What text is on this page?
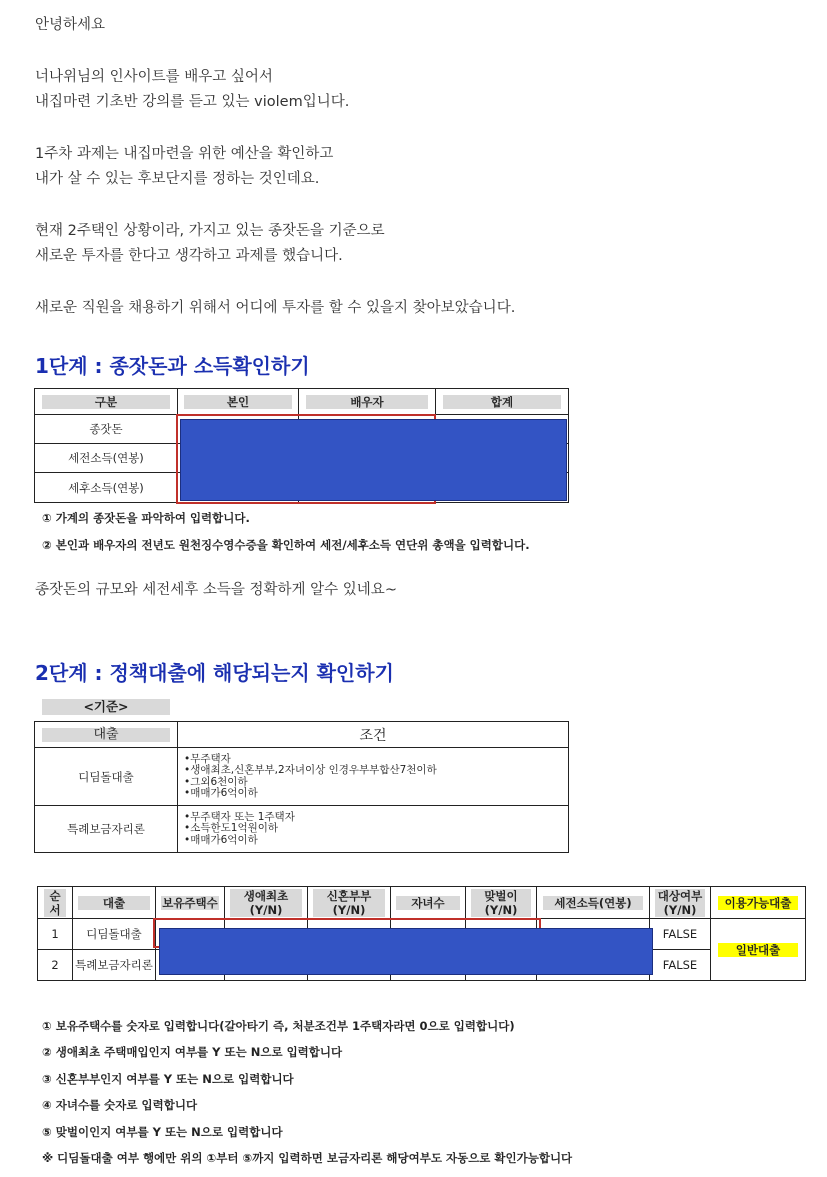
안녕하세요
너나위님의 인사이트를 배우고 싶어서
내집마련 기초반 강의를 듣고 있는 violem입니다.
1주차 과제는 내집마련을 위한 예산을 확인하고
내가 살 수 있는 후보단지를 정하는 것인데요.
현재 2주택인 상황이라, 가지고 있는 종잣돈을 기준으로
새로운 투자를 한다고 생각하고 과제를 했습니다.
새로운 직원을 채용하기 위해서 어디에 투자를 할 수 있을지 찾아보았습니다.
1단계 : 종잣돈과 소득확인하기
구분	본인	배우자	합계
종잣돈			
세전소득(연봉)			
세후소득(연봉)			
① 가계의 종잣돈을 파악하여 입력합니다.
② 본인과 배우자의 전년도 원천징수영수증을 확인하여 세전/세후소득 연단위 총액을 입력합니다.
종잣돈의 규모와 세전세후 소득을 정확하게 알수 있네요~
2단계 : 정책대출에 해당되는지 확인하기
<기준>
대출	조건
디딤돌대출	•무주택자
•생애최초,신혼부부,2자녀이상 인경우부부합산7천이하
•그외6천이하
•매매가6억이하

특례보금자리론	•무주택자 또는 1주택자
•소득한도1억원이하
•매매가6억이하
순서	대출	보유주택수	생애최초(Y/N)	신혼부부(Y/N)	자녀수	맞벌이(Y/N)	세전소득(연봉)	대상여부(Y/N)	이용가능대출
1	디딤돌대출							FALSE	일반대출
2	특례보금자리론							FALSE	
① 보유주택수를 숫자로 입력합니다(갈아타기 즉, 처분조건부 1주택자라면 0으로 입력합니다)
② 생애최초 주택매입인지 여부를 Y 또는 N으로 입력합니다
③ 신혼부부인지 여부를 Y 또는 N으로 입력합니다
④ 자녀수를 숫자로 입력합니다
⑤ 맞벌이인지 여부를 Y 또는 N으로 입력합니다
※ 디딤돌대출 여부 행에만 위의 ①부터 ⑤까지 입력하면 보금자리론 해당여부도 자동으로 확인가능합니다
